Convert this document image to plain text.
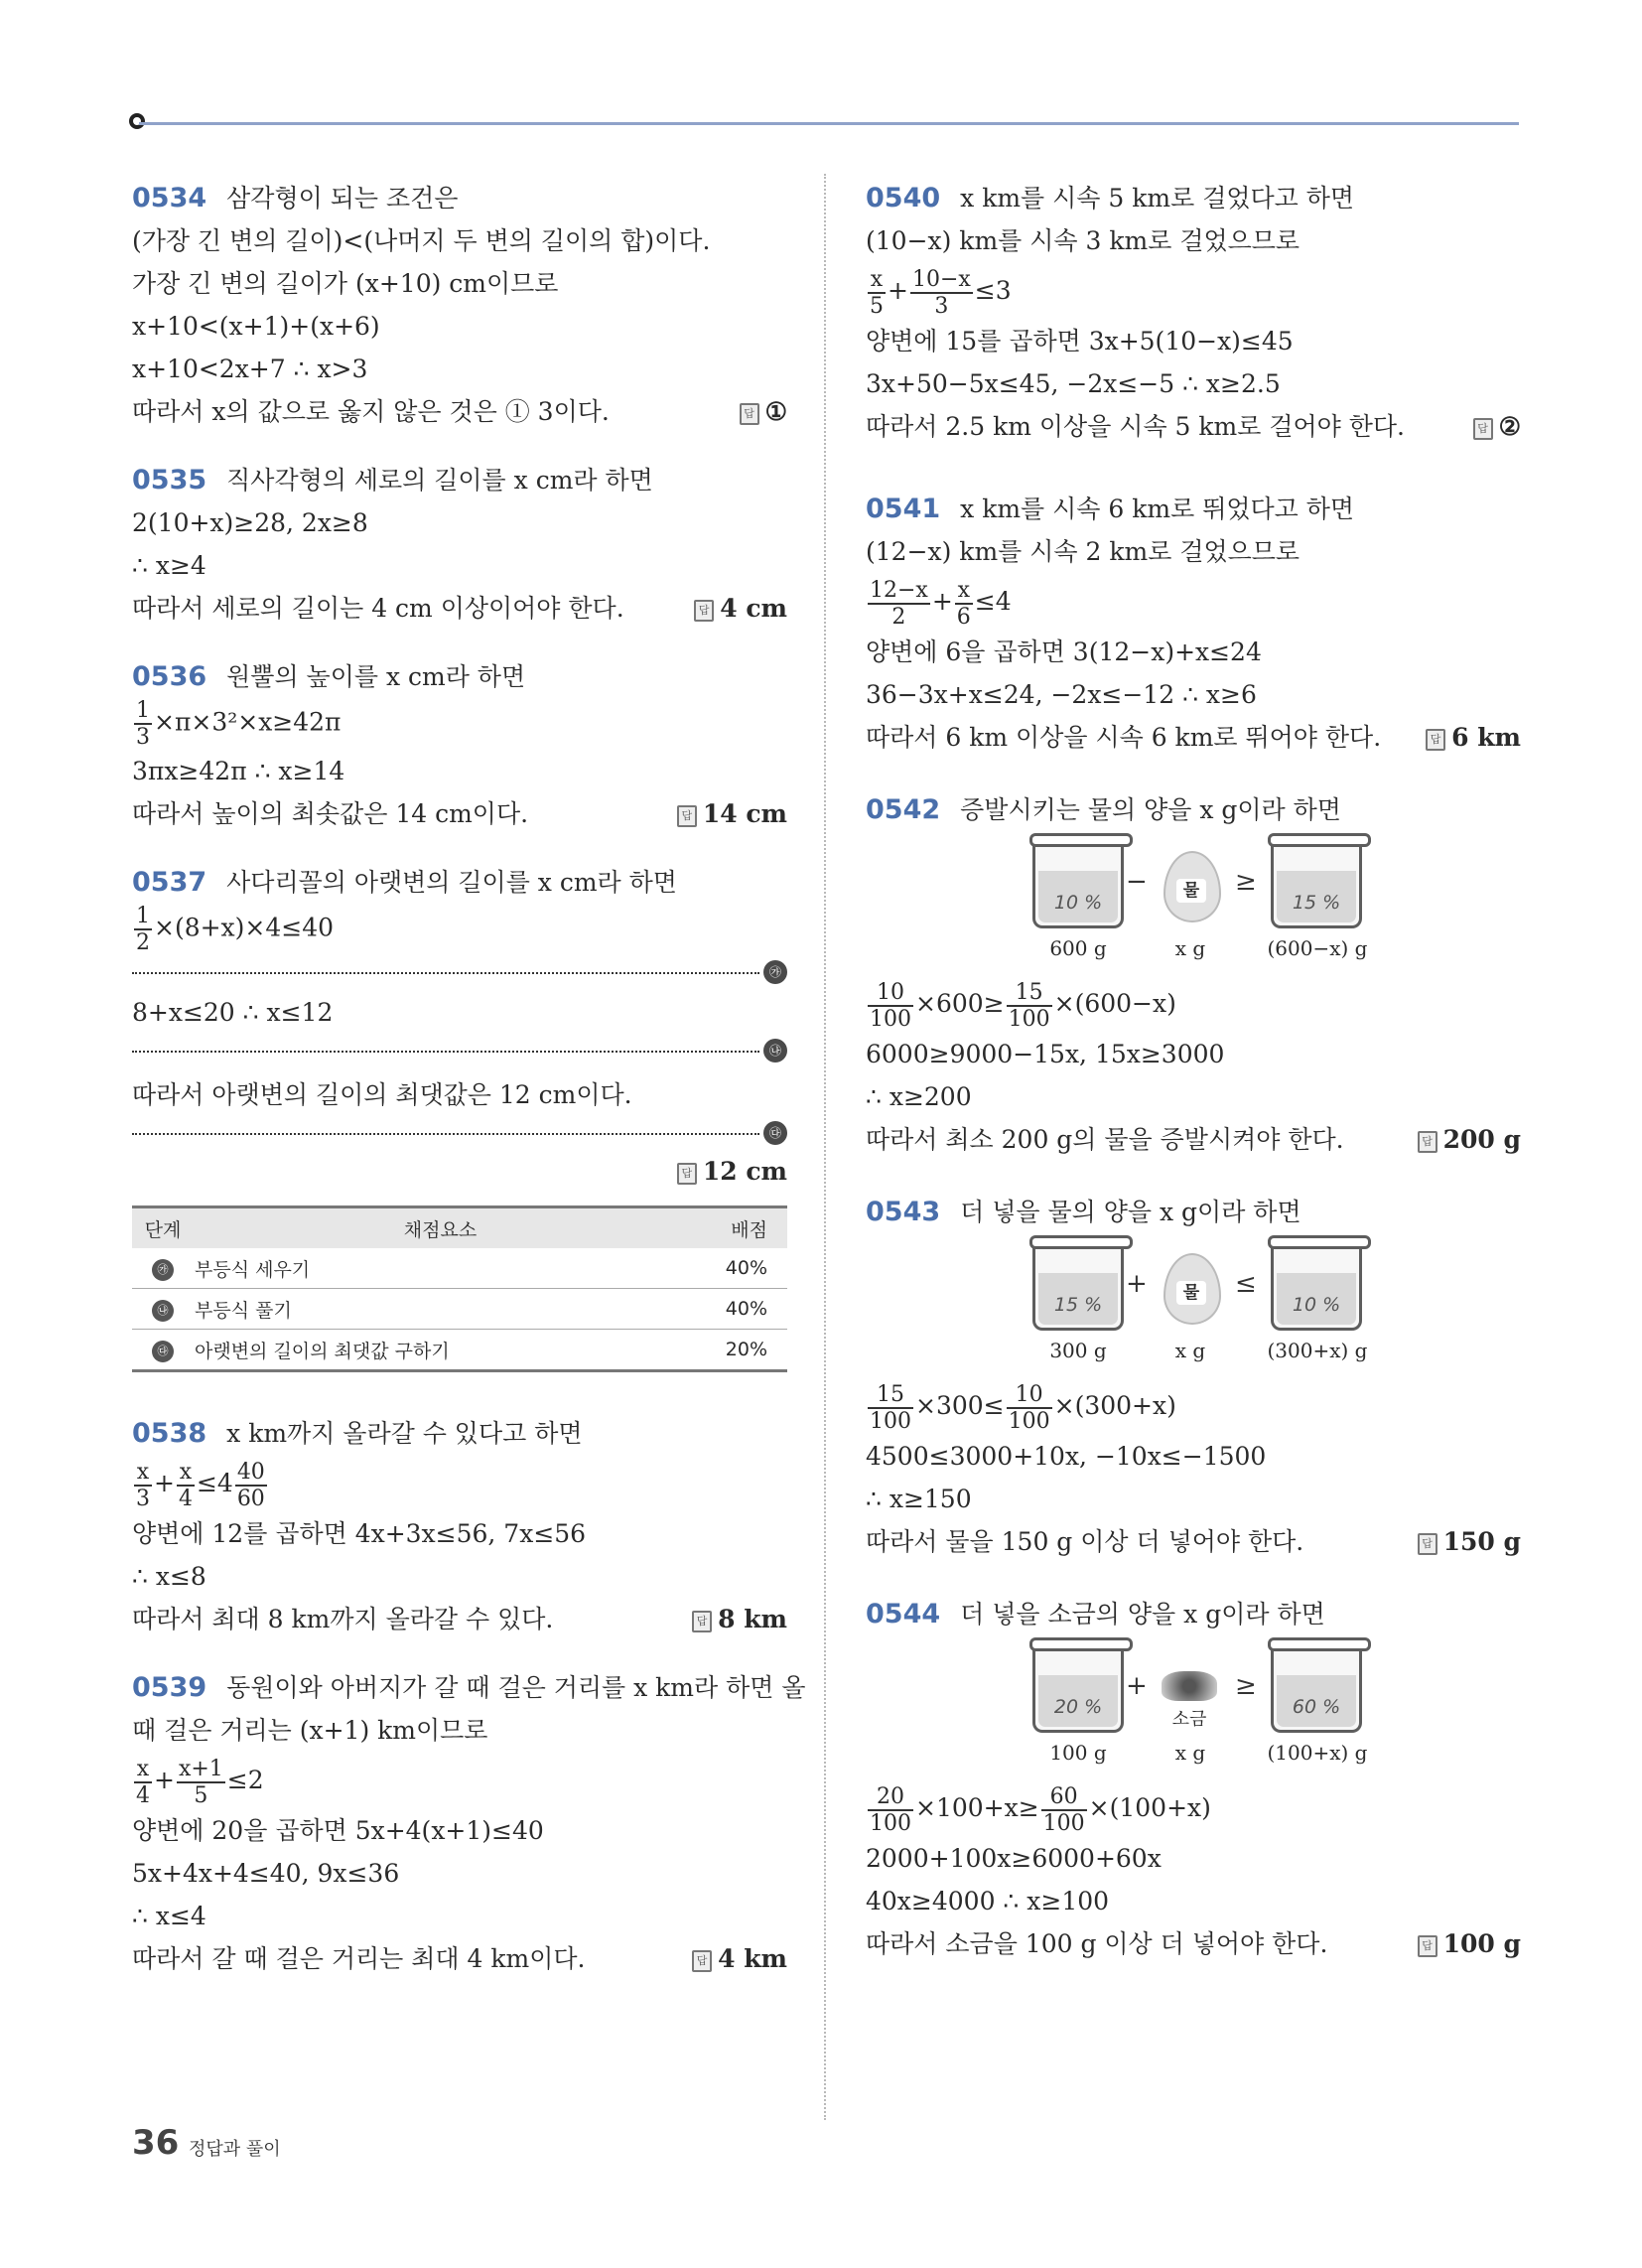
0534 삼각형이 되는 조건은
(가장 긴 변의 길이)<(나머지 두 변의 길이의 합)이다.
가장 긴 변의 길이가 (x+10) cm이므로
x+10<(x+1)+(x+6)
x+10<2x+7 ∴ x>3
따라서 x의 값으로 옳지 않은 것은 ① 3이다.	답 ①
0535 직사각형의 세로의 길이를 x cm라 하면
2(10+x)≥28, 2x≥8
∴ x≥4
따라서 세로의 길이는 4 cm 이상이어야 한다.	답 4 cm
0536 원뿔의 높이를 x cm라 하면
$\frac{1}{3} \times\pi\times 3^2\times x\ge 42\pi$
3πx≥42π ∴ x≥14
따라서 높이의 최솟값은 14 cm이다.	답 14 cm
0537 사다리꼴의 아랫변의 길이를 x cm라 하면
$\frac{1}{2} \times(8+x)\times 4\le 40$
㉮
8+x≤20 ∴ x≤12
㉯
따라서 아랫변의 길이의 최댓값은 12 cm이다.
㉰
답 12 cm
단계	채점요소	배점
㉮	부등식 세우기	40%
㉯	부등식 풀기	40%
㉰	아랫변의 길이의 최댓값 구하기	20%
0538 x km까지 올라갈 수 있다고 하면
$\frac{x}{3} + \frac{x}{4} \le 4 \frac{40}{60}$
양변에 12를 곱하면 4x+3x≤56, 7x≤56
∴ x≤8
따라서 최대 8 km까지 올라갈 수 있다.	답 8 km
0539 동원이와 아버지가 갈 때 걸은 거리를 x km라 하면 올
때 걸은 거리는 (x+1) km이므로
$\frac{x}{4} + \frac{x+1}{5} \le 2$
양변에 20을 곱하면 5x+4(x+1)≤40
5x+4x+4≤40, 9x≤36
∴ x≤4
따라서 갈 때 걸은 거리는 최대 4 km이다.	답 4 km
0540 x km를 시속 5 km로 걸었다고 하면
(10−x) km를 시속 3 km로 걸었으므로
$\frac{x}{5} + \frac{10-x}{3} \le 3$
양변에 15를 곱하면 3x+5(10−x)≤45
3x+50−5x≤45, −2x≤−5 ∴ x≥2.5
따라서 2.5 km 이상을 시속 5 km로 걸어야 한다.	답 ②
0541 x km를 시속 6 km로 뛰었다고 하면
(12−x) km를 시속 2 km로 걸었으므로
$\frac{12-x}{2} + \frac{x}{6} \le 4$
양변에 6을 곱하면 3(12−x)+x≤24
36−3x+x≤24, −2x≤−12 ∴ x≥6
따라서 6 km 이상을 시속 6 km로 뛰어야 한다.	답 6 km
0542 증발시키는 물의 양을 x g이라 하면
10 %
600 g
−	물
x g
≥
15 %
(600−x) g
$\frac{10}{100} \times 600\ge \frac{15}{100} \times(600-x)$
6000≥9000−15x, 15x≥3000
∴ x≥200
따라서 최소 200 g의 물을 증발시켜야 한다.	답 200 g
0543 더 넣을 물의 양을 x g이라 하면
15 %
300 g
+	물
x g
≤
10 %
(300+x) g
$\frac{15}{100} \times 300\le \frac{10}{100} \times(300+x)$
4500≤3000+10x, −10x≤−1500
∴ x≥150
따라서 물을 150 g 이상 더 넣어야 한다.	답 150 g
0544 더 넣을 소금의 양을 x g이라 하면
20 %
100 g
+
소금
x g
≥
60 %
(100+x) g
$\frac{20}{100} \times 100+x\ge \frac{60}{100} \times(100+x)$
2000+100x≥6000+60x
40x≥4000 ∴ x≥100
따라서 소금을 100 g 이상 더 넣어야 한다.	답 100 g
36 정답과 풀이
